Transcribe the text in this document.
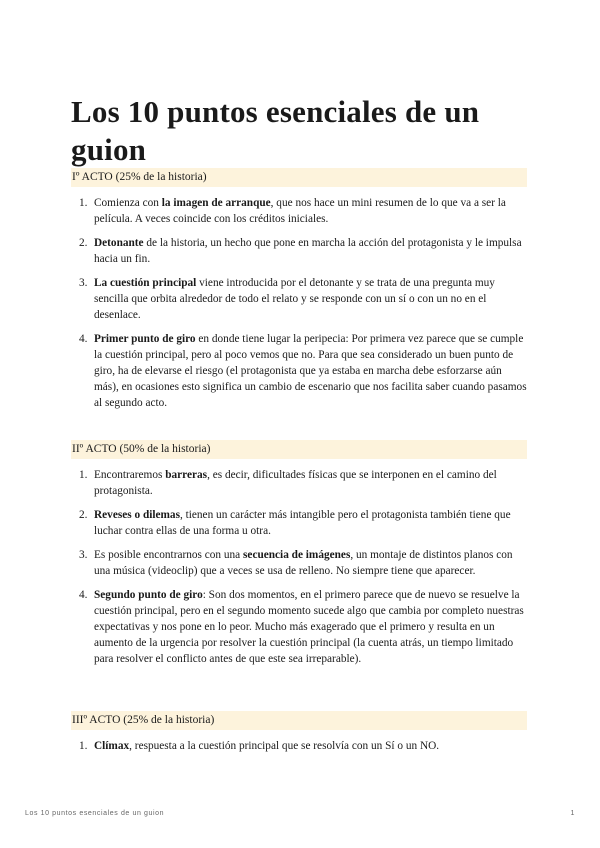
Los 10 puntos esenciales de un guion
Iº ACTO (25% de la historia)
1. Comienza con la imagen de arranque, que nos hace un mini resumen de lo que va a ser la película. A veces coincide con los créditos iniciales.
2. Detonante de la historia, un hecho que pone en marcha la acción del protagonista y le impulsa hacia un fin.
3. La cuestión principal viene introducida por el detonante y se trata de una pregunta muy sencilla que orbita alrededor de todo el relato y se responde con un sí o con un no en el desenlace.
4. Primer punto de giro en donde tiene lugar la peripecia: Por primera vez parece que se cumple la cuestión principal, pero al poco vemos que no. Para que sea considerado un buen punto de giro, ha de elevarse el riesgo (el protagonista que ya estaba en marcha debe esforzarse aún más), en ocasiones esto significa un cambio de escenario que nos facilita saber cuando pasamos al segundo acto.
IIº ACTO (50% de la historia)
1. Encontraremos barreras, es decir, dificultades físicas que se interponen en el camino del protagonista.
2. Reveses o dilemas, tienen un carácter más intangible pero el protagonista también tiene que luchar contra ellas de una forma u otra.
3. Es posible encontrarnos con una secuencia de imágenes, un montaje de distintos planos con una música (videoclip) que a veces se usa de relleno. No siempre tiene que aparecer.
4. Segundo punto de giro: Son dos momentos, en el primero parece que de nuevo se resuelve la cuestión principal, pero en el segundo momento sucede algo que cambia por completo nuestras expectativas y nos pone en lo peor. Mucho más exagerado que el primero y resulta en un aumento de la urgencia por resolver la cuestión principal (la cuenta atrás, un tiempo limitado para resolver el conflicto antes de que este sea irreparable).
IIIº ACTO (25% de la historia)
1. Clímax, respuesta a la cuestión principal que se resolvía con un Sí o un NO.
Los 10 puntos esenciales de un guion	1
